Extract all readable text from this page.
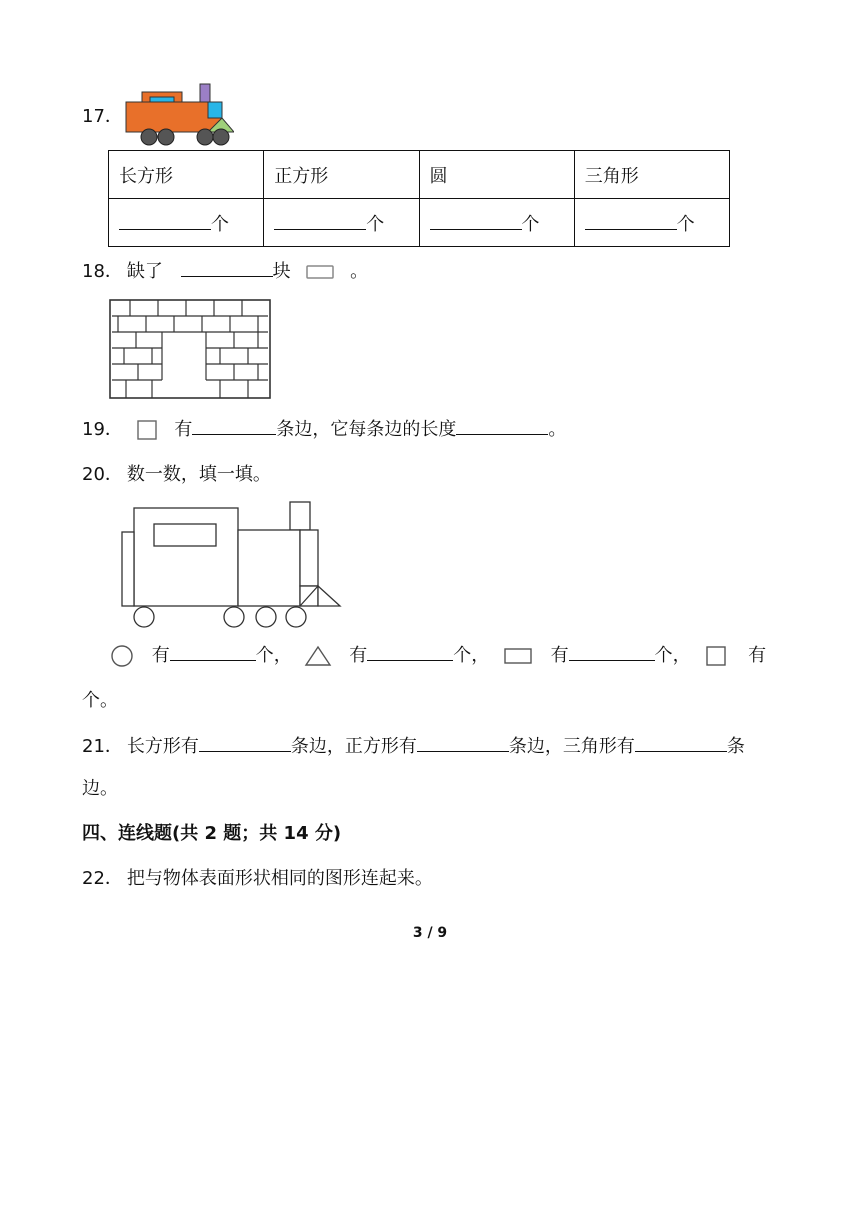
17．
长方形	正方形	圆	三角形
个	个	个	个
18． 缺了	块	。
19．	有	条边，它每条边的长度	。
20． 数一数，填一填。
有	个，	有	个，	有	个，	有
个。
21． 长方形有	条边，正方形有	条边，三角形有	条
边。
四、连线题(共 2 题；共 14 分)
22． 把与物体表面形状相同的图形连起来。
3 / 9
